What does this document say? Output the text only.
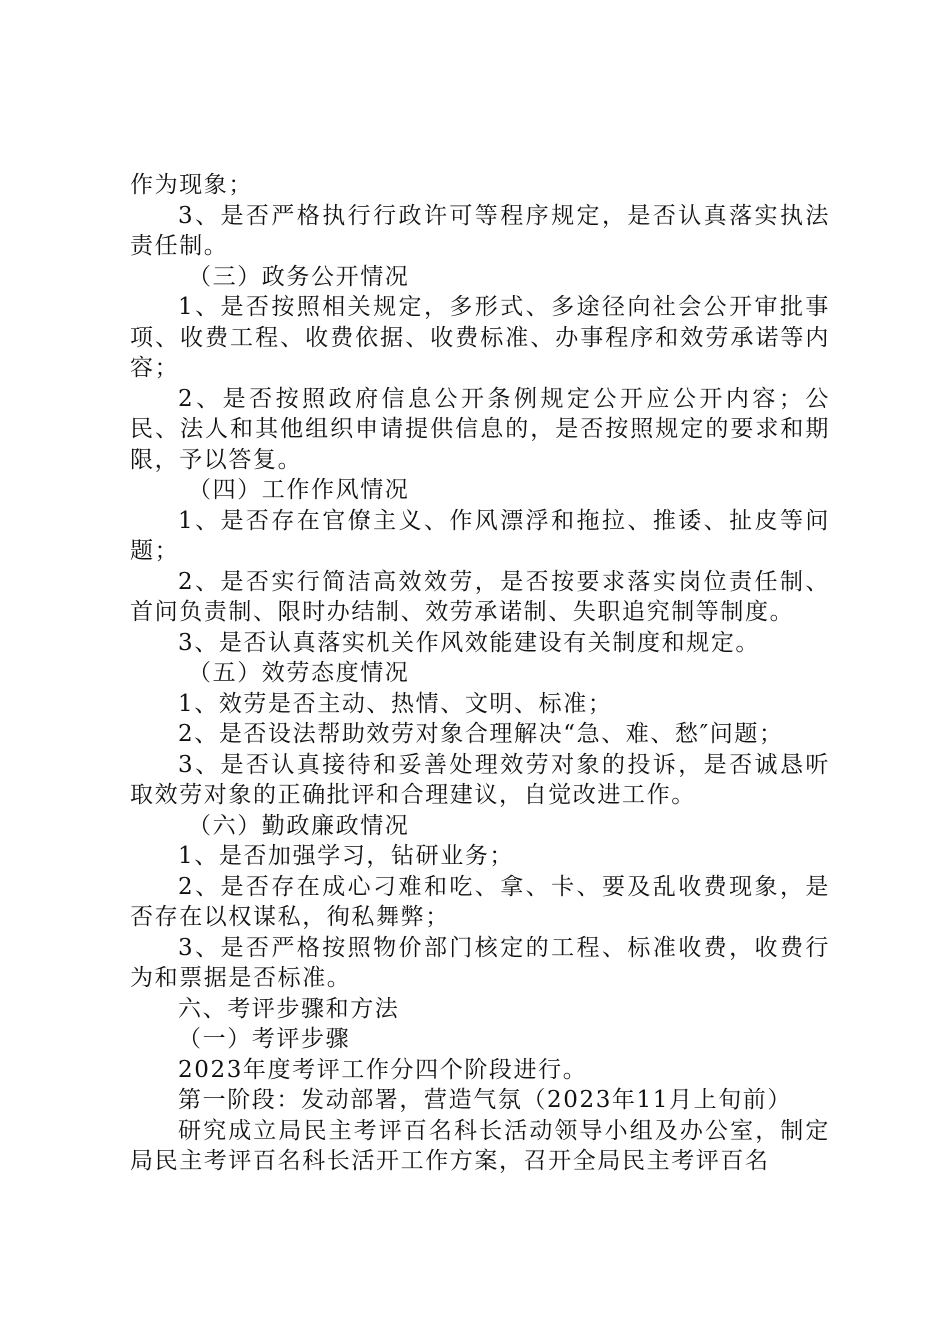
作为现象；

3、是否严格执行行政许可等程序规定，是否认真落实执法责任制。

（三）政务公开情况

1、是否按照相关规定，多形式、多途径向社会公开审批事项、收费工程、收费依据、收费标准、办事程序和效劳承诺等内容；

2、是否按照政府信息公开条例规定公开应公开内容；公民、法人和其他组织申请提供信息的，是否按照规定的要求和期限，予以答复。

（四）工作作风情况

1、是否存在官僚主义、作风漂浮和拖拉、推诿、扯皮等问题；

2、是否实行简洁高效效劳，是否按要求落实岗位责任制、首问负责制、限时办结制、效劳承诺制、失职追究制等制度。

3、是否认真落实机关作风效能建设有关制度和规定。

（五）效劳态度情况

1、效劳是否主动、热情、文明、标准；

2、是否设法帮助效劳对象合理解决“急、难、愁″问题；

3、是否认真接待和妥善处理效劳对象的投诉，是否诚恳听取效劳对象的正确批评和合理建议，自觉改进工作。

（六）勤政廉政情况

1、是否加强学习，钻研业务；

2、是否存在成心刁难和吃、拿、卡、要及乱收费现象，是否存在以权谋私，徇私舞弊；

3、是否严格按照物价部门核定的工程、标准收费，收费行为和票据是否标准。

六、考评步骤和方法

（一）考评步骤

2023年度考评工作分四个阶段进行。

第一阶段：发动部署，营造气氛（2023年11月上旬前）

研究成立局民主考评百名科长活动领导小组及办公室，制定局民主考评百名科长活开工作方案，召开全局民主考评百名
